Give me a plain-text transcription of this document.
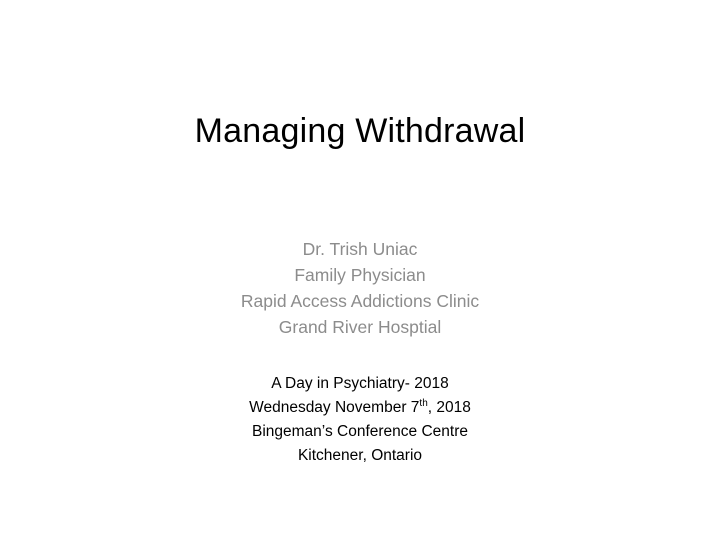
Managing Withdrawal
Dr. Trish Uniac
Family Physician
Rapid Access Addictions Clinic
Grand River Hosptial
A Day in Psychiatry- 2018
Wednesday November 7th, 2018
Bingeman’s Conference Centre
Kitchener, Ontario
